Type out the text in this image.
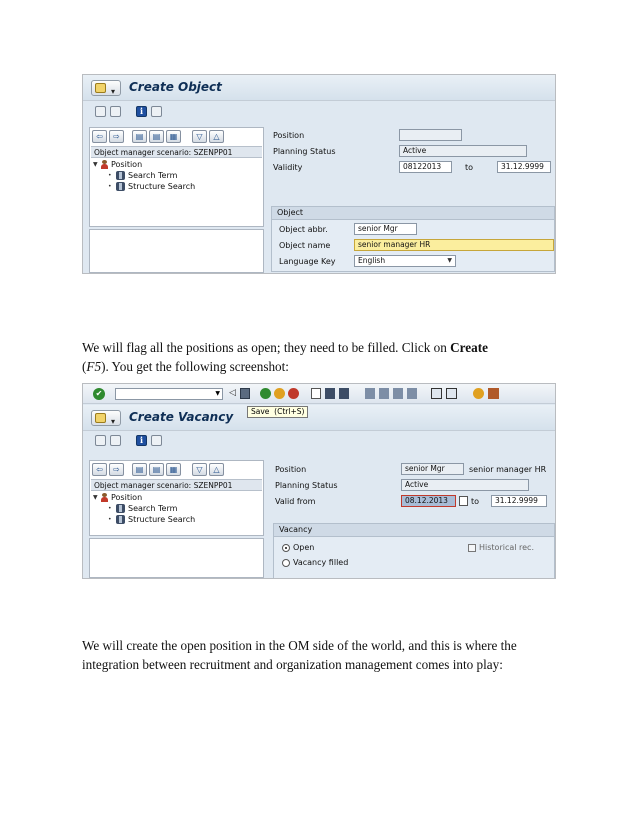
▾ Create Object
i
⇦	⇨	▤	▤	▦	▽	△
Object manager scenario: SZENPP01
▼	Position
•	Search Term
•	Structure Search
Position
Planning Status	Active
Validity	08122013	to	31.12.9999
Object
Object abbr.	senior Mgr
Object name	senior manager HR
Language Key	English	▼
We will flag all the positions as open; they need to be filled. Click on Create
(F5). You get the following screenshot:
✔	▼ ◁
▾ Create Vacancy	Save  (Ctrl+S)
i
⇦	⇨	▤	▤	▦	▽	△
Object manager scenario: SZENPP01
▼	Position
•	Search Term
•	Structure Search
Position	senior Mgr	senior manager HR
Planning Status	Active
Valid from	08.12.2013	to	31.12.9999
Vacancy
Open
Vacancy filled
Historical rec.
We will create the open position in the OM side of the world, and this is where the integration between recruitment and organization management comes into play:
